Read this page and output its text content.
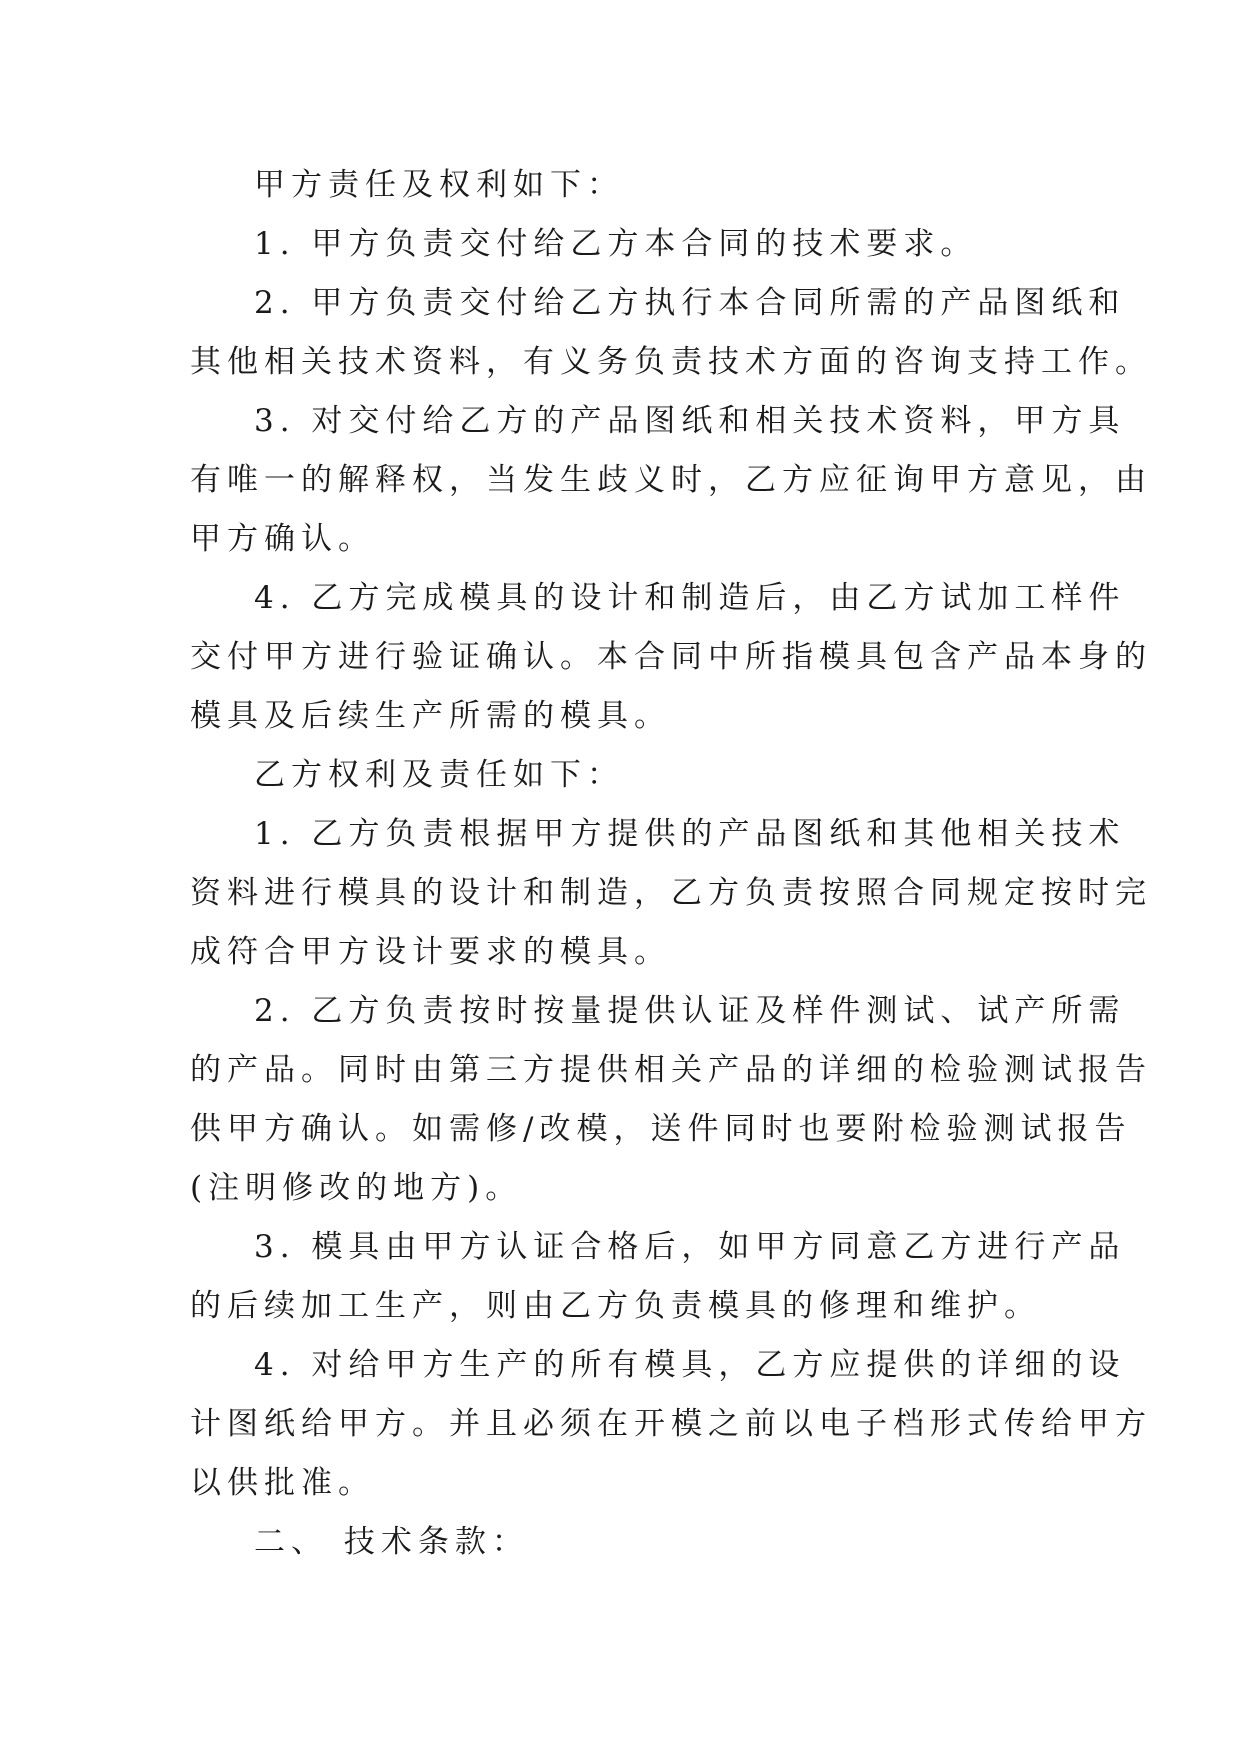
甲方责任及权利如下：
1. 甲方负责交付给乙方本合同的技术要求。
2. 甲方负责交付给乙方执行本合同所需的产品图纸和
其他相关技术资料，有义务负责技术方面的咨询支持工作。
3. 对交付给乙方的产品图纸和相关技术资料，甲方具
有唯一的解释权，当发生歧义时，乙方应征询甲方意见，由
甲方确认。
4. 乙方完成模具的设计和制造后，由乙方试加工样件
交付甲方进行验证确认。本合同中所指模具包含产品本身的
模具及后续生产所需的模具。
乙方权利及责任如下：
1. 乙方负责根据甲方提供的产品图纸和其他相关技术
资料进行模具的设计和制造，乙方负责按照合同规定按时完
成符合甲方设计要求的模具。
2. 乙方负责按时按量提供认证及样件测试、试产所需
的产品。同时由第三方提供相关产品的详细的检验测试报告
供甲方确认。如需修/改模，送件同时也要附检验测试报告
(注明修改的地方)。
3. 模具由甲方认证合格后，如甲方同意乙方进行产品
的后续加工生产，则由乙方负责模具的修理和维护。
4. 对给甲方生产的所有模具，乙方应提供的详细的设
计图纸给甲方。并且必须在开模之前以电子档形式传给甲方
以供批准。
二、 技术条款：
